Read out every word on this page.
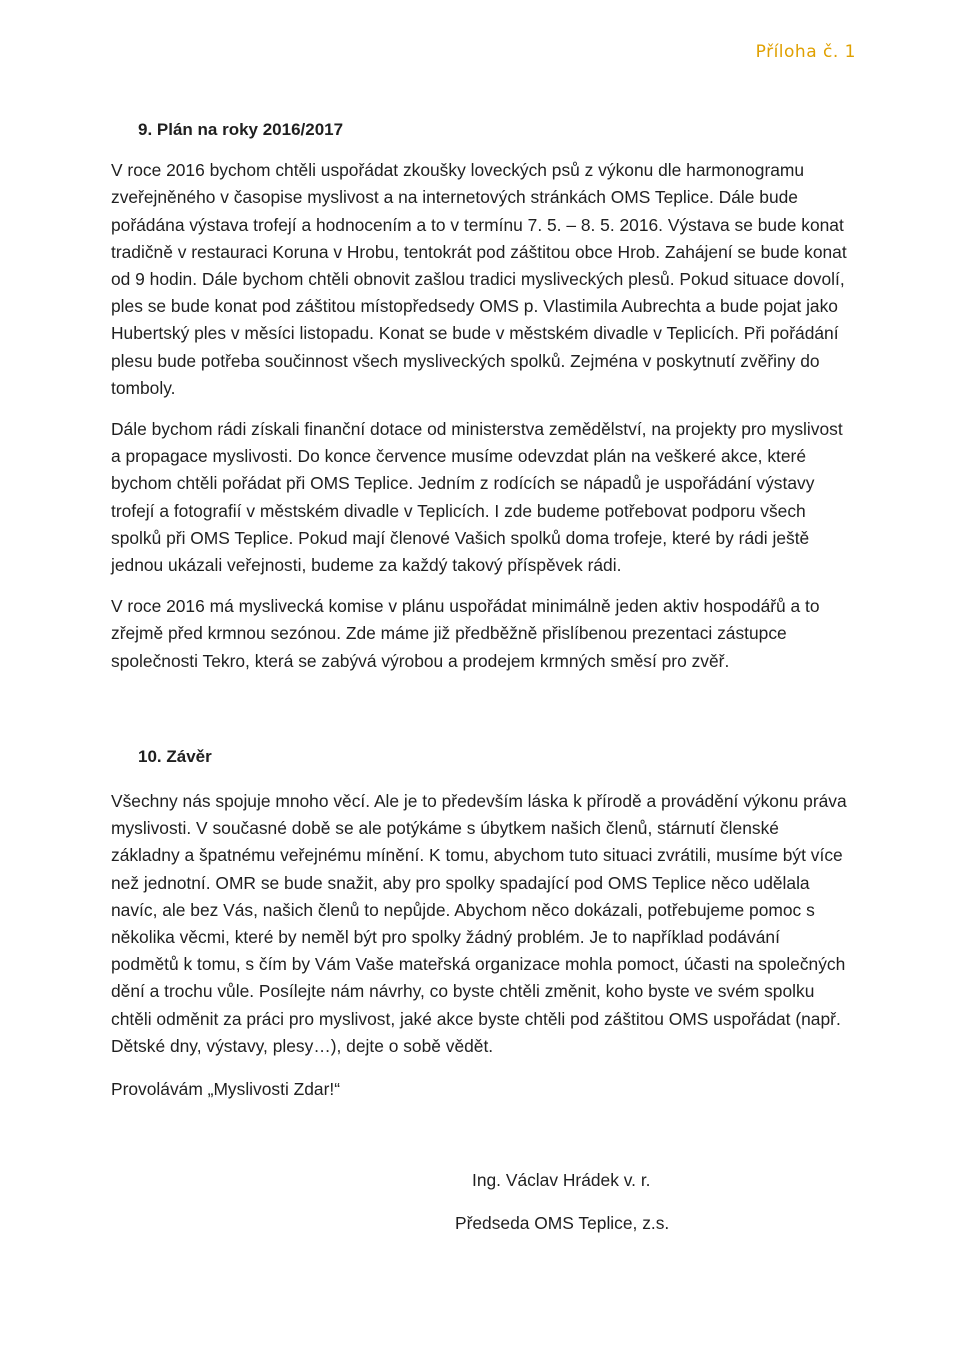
Příloha č. 1
9. Plán na roky 2016/2017

V roce 2016 bychom chtěli uspořádat zkoušky loveckých psů z výkonu dle harmonogramu zveřejněného v časopise myslivost a na internetových stránkách OMS Teplice. Dále bude pořádána výstava trofejí a hodnocením a to v termínu 7. 5. – 8. 5. 2016. Výstava se bude konat tradičně v restauraci Koruna v Hrobu, tentokrát pod záštitou obce Hrob. Zahájení se bude konat od 9 hodin. Dále bychom chtěli obnovit zašlou tradici mysliveckých plesů. Pokud situace dovolí, ples se bude konat pod záštitou místopředsedy OMS p. Vlastimila Aubrechta a bude pojat jako Hubertský ples v měsíci listopadu. Konat se bude v městském divadle v Teplicích. Při pořádání plesu bude potřeba součinnost všech mysliveckých spolků. Zejména v poskytnutí zvěřiny do tomboly.

Dále bychom rádi získali finanční dotace od ministerstva zemědělství, na projekty pro myslivost a propagace myslivosti. Do konce července musíme odevzdat plán na veškeré akce, které bychom chtěli pořádat při OMS Teplice. Jedním z rodících se nápadů je uspořádání výstavy trofejí a fotografií v městském divadle v Teplicích. I zde budeme potřebovat podporu všech spolků při OMS Teplice. Pokud mají členové Vašich spolků doma trofeje, které by rádi ještě jednou ukázali veřejnosti, budeme za každý takový příspěvek rádi.

V roce 2016 má myslivecká komise v plánu uspořádat minimálně jeden aktiv hospodářů a to zřejmě před krmnou sezónou. Zde máme již předběžně přislíbenou prezentaci zástupce společnosti Tekro, která se zabývá výrobou a prodejem krmných směsí pro zvěř.

10. Závěr

Všechny nás spojuje mnoho věcí. Ale je to především láska k přírodě a provádění výkonu práva myslivosti. V současné době se ale potýkáme s úbytkem našich členů, stárnutí členské základny a špatnému veřejnému mínění. K tomu, abychom tuto situaci zvrátili, musíme být více než jednotní. OMR se bude snažit, aby pro spolky spadající pod OMS Teplice něco udělala navíc, ale bez Vás, našich členů to nepůjde. Abychom něco dokázali, potřebujeme pomoc s několika věcmi, které by neměl být pro spolky žádný problém. Je to například podávání podmětů k tomu, s čím by Vám Vaše mateřská organizace mohla pomoct, účasti na společných dění a trochu vůle. Posílejte nám návrhy, co byste chtěli změnit, koho byste ve svém spolku chtěli odměnit za práci pro myslivost, jaké akce byste chtěli pod záštitou OMS uspořádat (např. Dětské dny, výstavy, plesy…), dejte o sobě vědět.

Provolávám „Myslivosti Zdar!“

Ing. Václav Hrádek v. r.
Předseda OMS Teplice, z.s.
